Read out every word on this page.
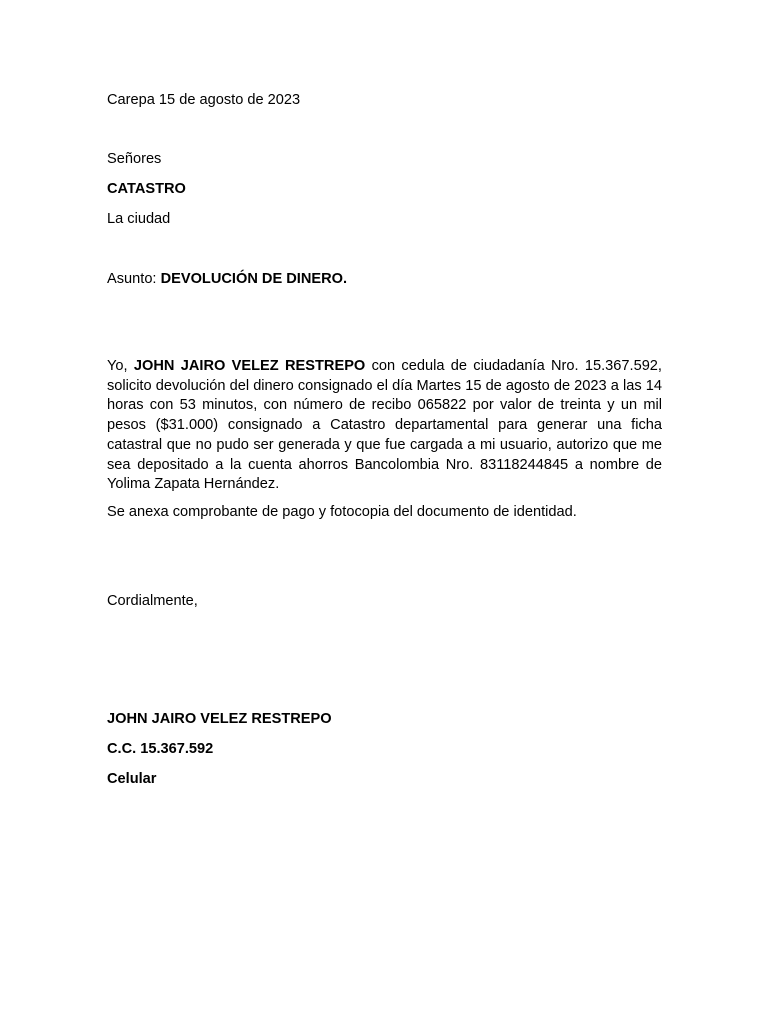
Carepa 15 de agosto de 2023
Señores
CATASTRO
La ciudad
Asunto: DEVOLUCIÓN DE DINERO.
Yo, JOHN JAIRO VELEZ RESTREPO con cedula de ciudadanía Nro. 15.367.592, solicito devolución del dinero consignado el día Martes 15 de agosto de 2023 a las 14 horas con 53 minutos, con número de recibo 065822 por valor de treinta y un mil pesos ($31.000) consignado a Catastro departamental para generar una ficha catastral que no pudo ser generada y que fue cargada a mi usuario, autorizo que me sea depositado a la cuenta ahorros Bancolombia Nro. 83118244845 a nombre de Yolima Zapata Hernández.
Se anexa comprobante de pago y fotocopia del documento de identidad.
Cordialmente,
JOHN JAIRO VELEZ RESTREPO
C.C. 15.367.592
Celular
